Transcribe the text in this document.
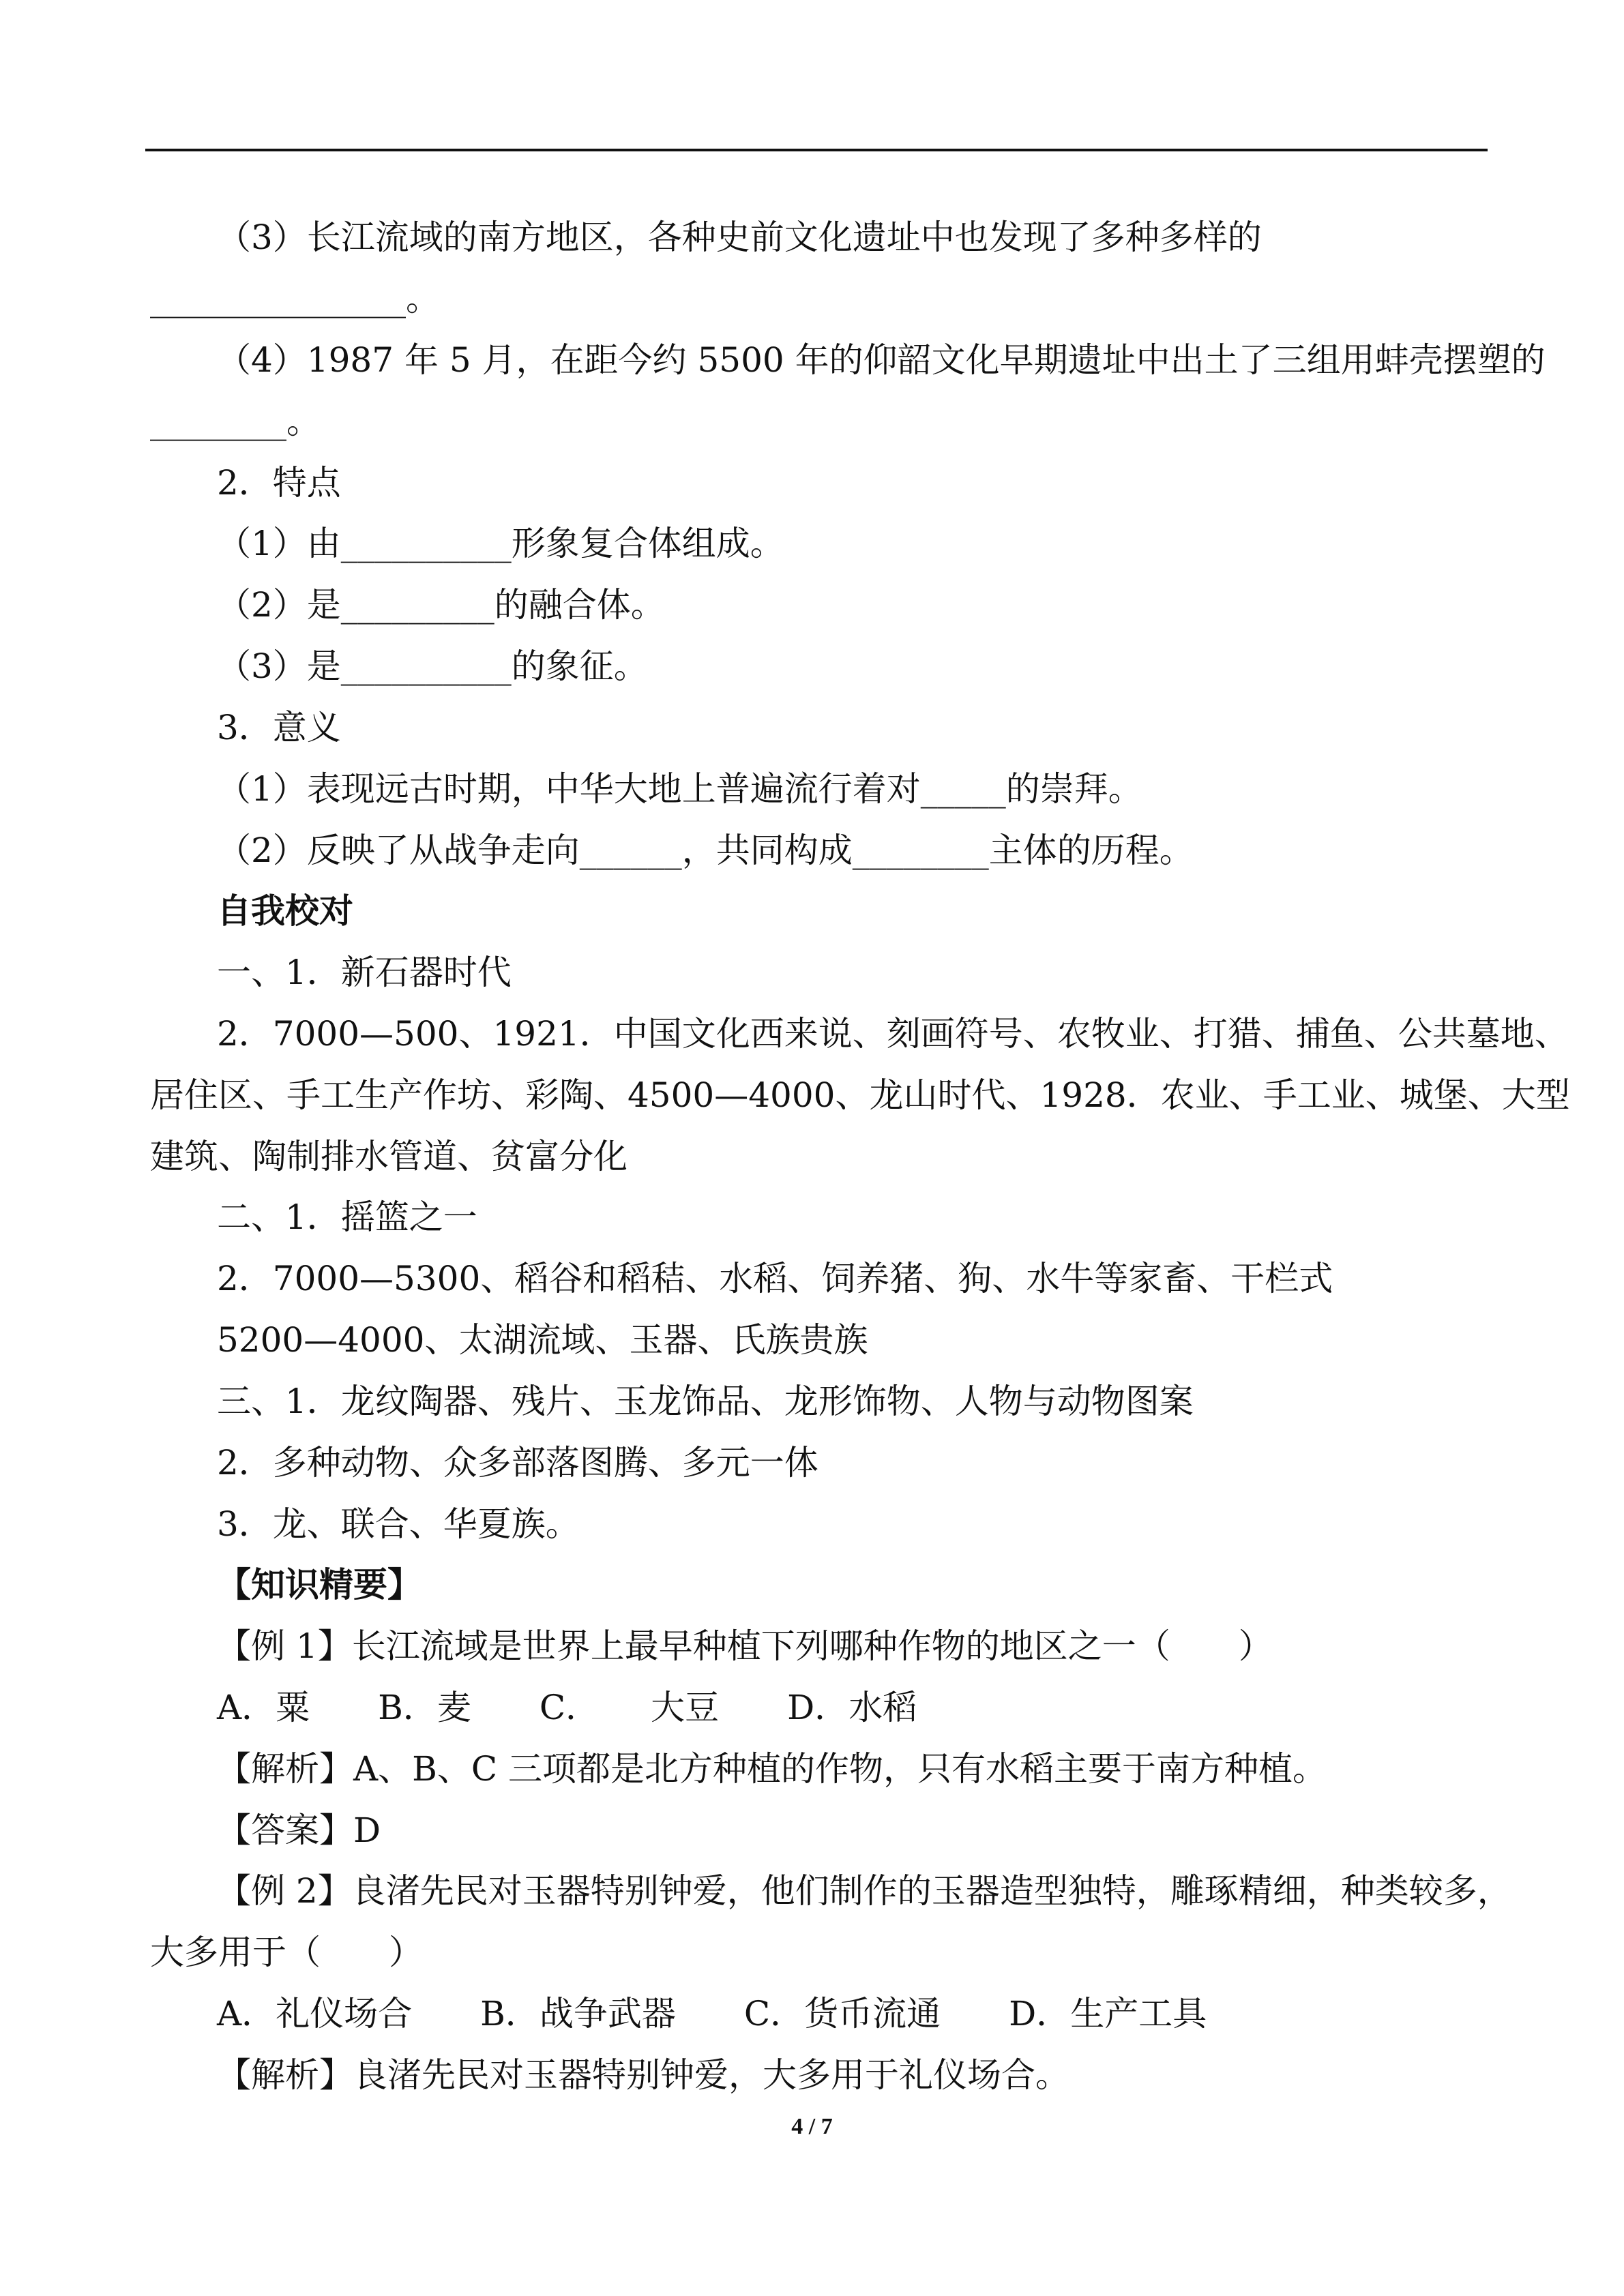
（3）长江流域的南方地区，各种史前文化遗址中也发现了多种多样的
_______________。
（4）1987 年 5 月，在距今约 5500 年的仰韶文化早期遗址中出土了三组用蚌壳摆塑的
________。
2．特点
（1）由__________形象复合体组成。
（2）是_________的融合体。
（3）是__________的象征。
3．意义
（1）表现远古时期，中华大地上普遍流行着对_____的崇拜。
（2）反映了从战争走向______，共同构成________主体的历程。
自我校对
一、1．新石器时代
2．7000—500、1921．中国文化西来说、刻画符号、农牧业、打猎、捕鱼、公共墓地、
居住区、手工生产作坊、彩陶、4500—4000、龙山时代、1928．农业、手工业、城堡、大型
建筑、陶制排水管道、贫富分化
二、1．摇篮之一
2．7000—5300、稻谷和稻秸、水稻、饲养猪、狗、水牛等家畜、干栏式
5200—4000、太湖流域、玉器、氏族贵族
三、1．龙纹陶器、残片、玉龙饰品、龙形饰物、人物与动物图案
2．多种动物、众多部落图腾、多元一体
3．龙、联合、华夏族。
【知识精要】
【例 1】长江流域是世界上最早种植下列哪种作物的地区之一（　　）
A．粟　　B．麦　　C．　　大豆　　D．水稻
【解析】A、B、C 三项都是北方种植的作物，只有水稻主要于南方种植。
【答案】D
【例 2】良渚先民对玉器特别钟爱，他们制作的玉器造型独特，雕琢精细，种类较多，
大多用于（　　）
A．礼仪场合　　B．战争武器　　C．货币流通　　D．生产工具
【解析】良渚先民对玉器特别钟爱，大多用于礼仪场合。
4 / 7
